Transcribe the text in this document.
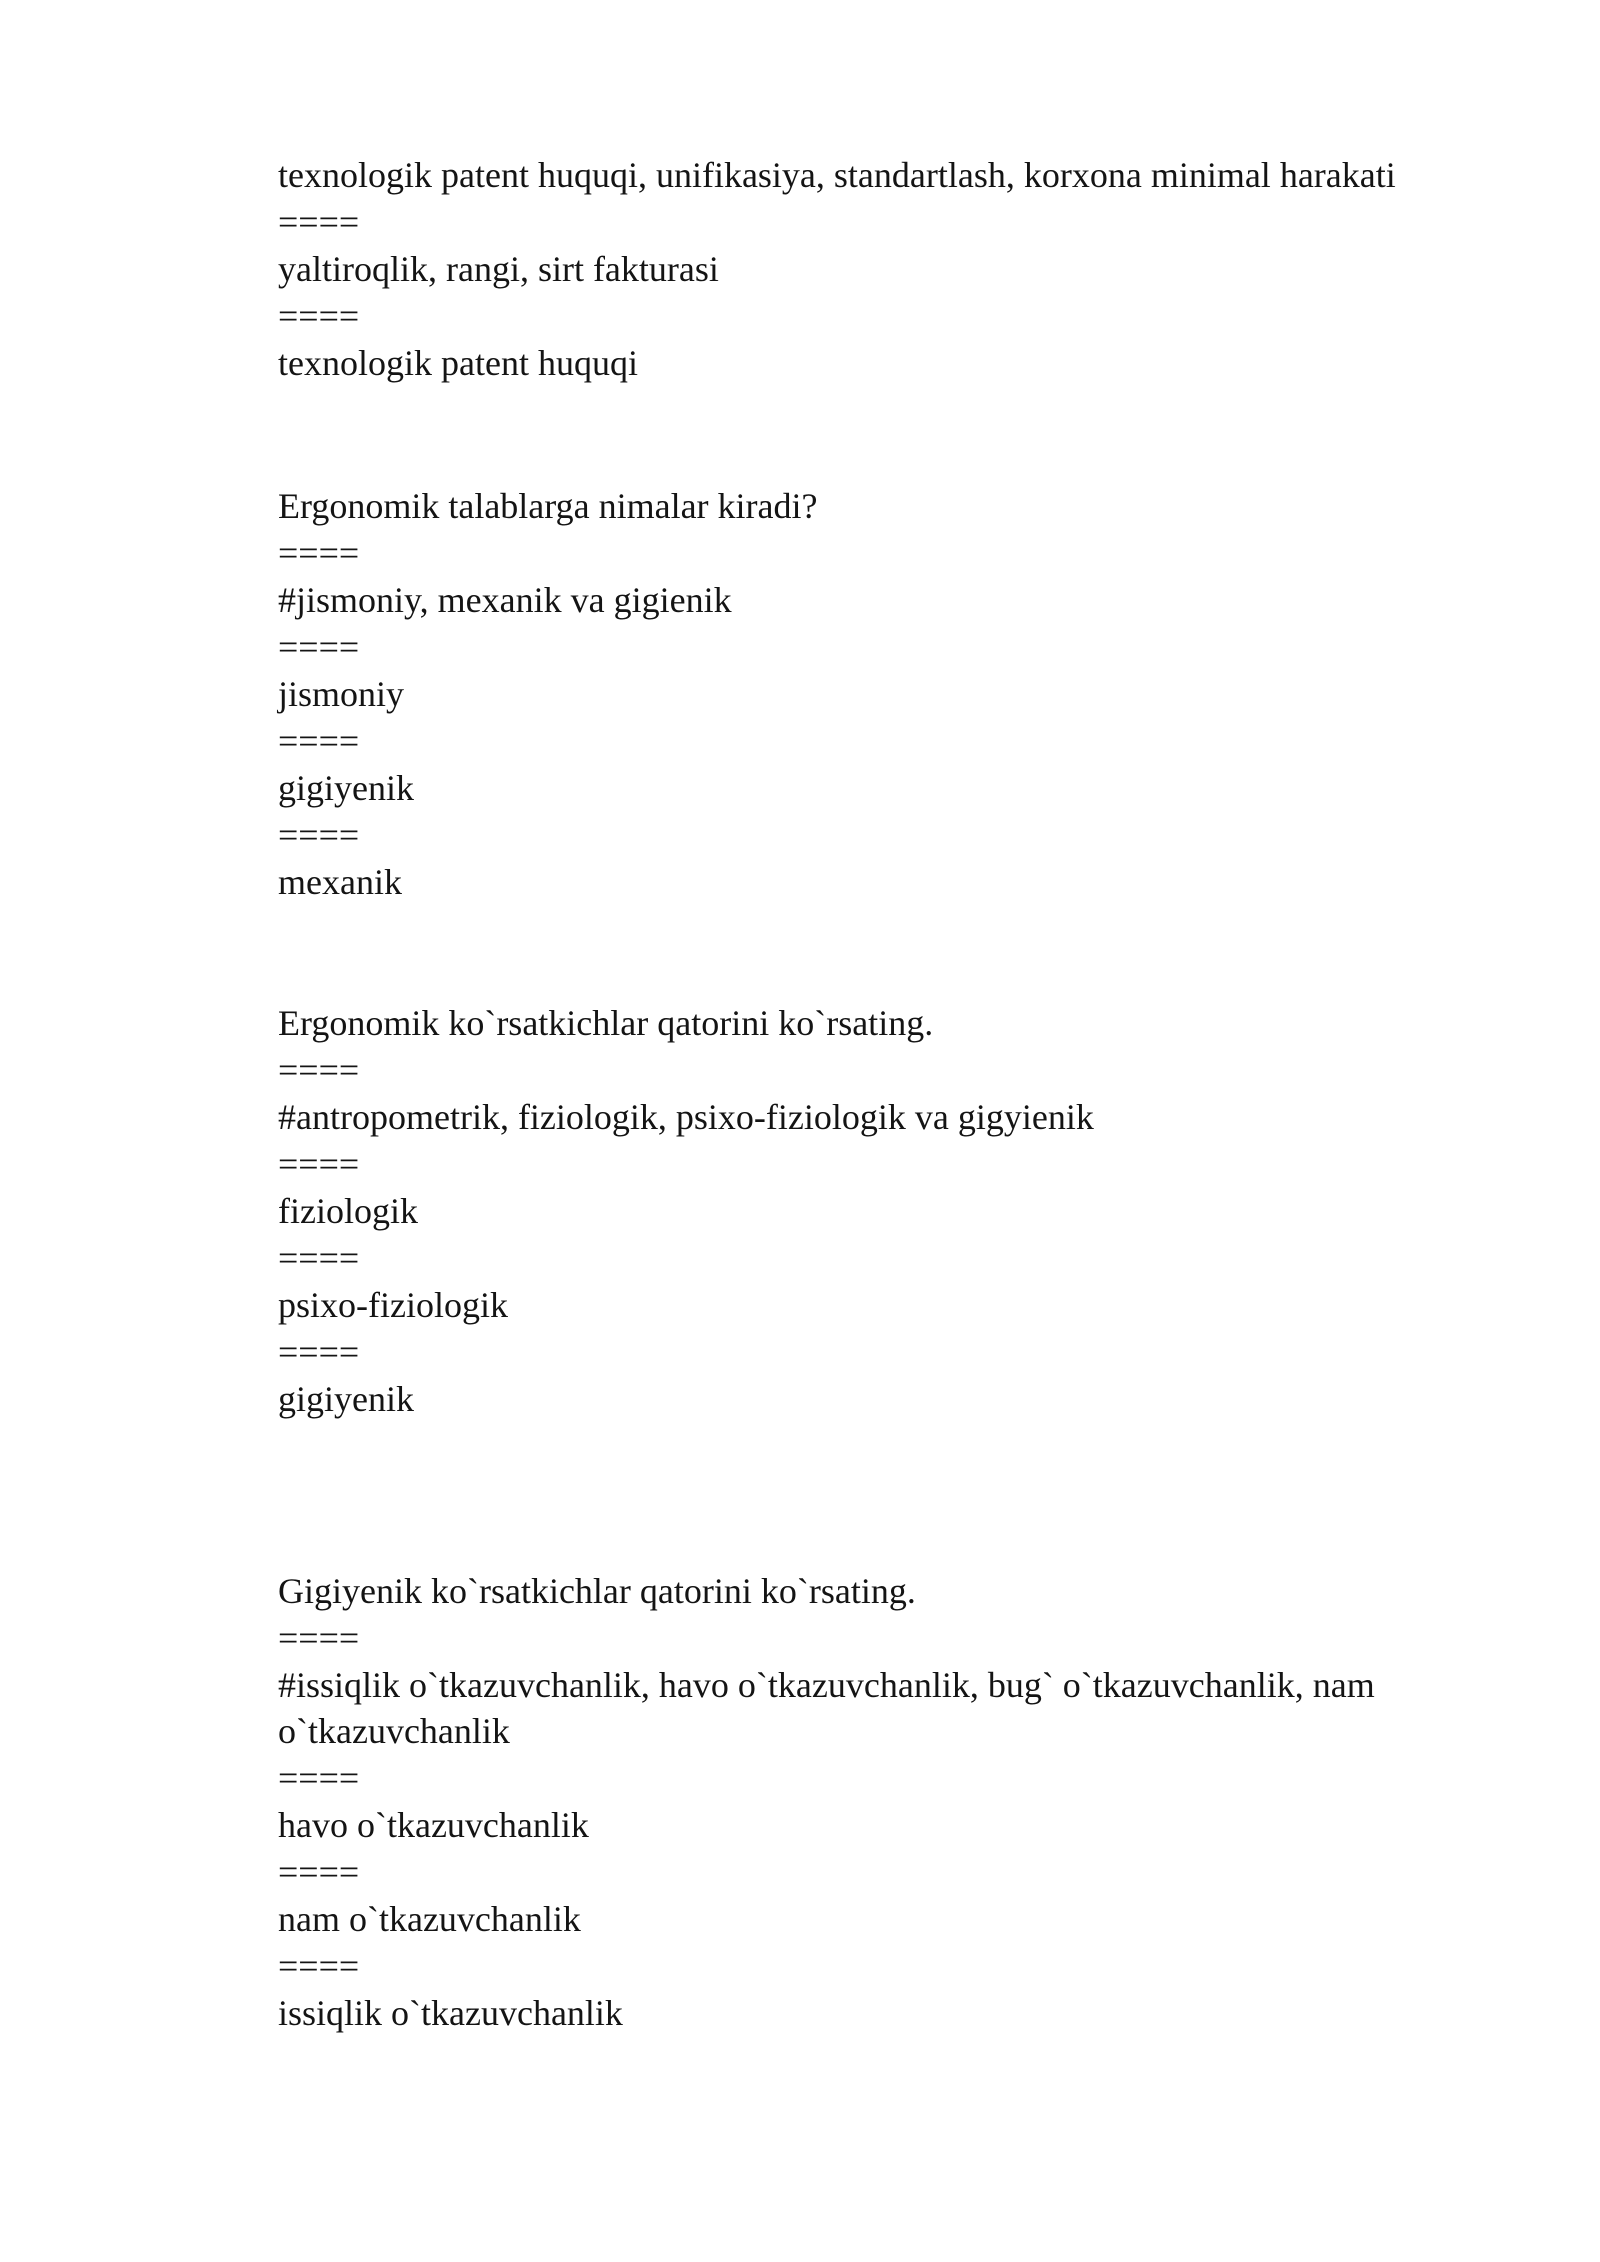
texnologik patent huquqi, unifikasiya, standartlash, korxona minimal harakati
====
yaltiroqlik, rangi, sirt fakturasi
====
texnologik patent huquqi
Ergonomik talablarga nimalar kiradi?
====
#jismoniy, mexanik va gigienik
====
jismoniy
====
gigiyenik
====
mexanik
Ergonomik ko`rsatkichlar qatorini ko`rsating.
====
#antropometrik, fiziologik, psixo-fiziologik va gigyienik
====
fiziologik
====
psixo-fiziologik
====
gigiyenik
Gigiyenik ko`rsatkichlar qatorini ko`rsating.
====
#issiqlik o`tkazuvchanlik, havo o`tkazuvchanlik, bug` o`tkazuvchanlik, nam o`tkazuvchanlik
====
havo o`tkazuvchanlik
====
nam o`tkazuvchanlik
====
issiqlik o`tkazuvchanlik
